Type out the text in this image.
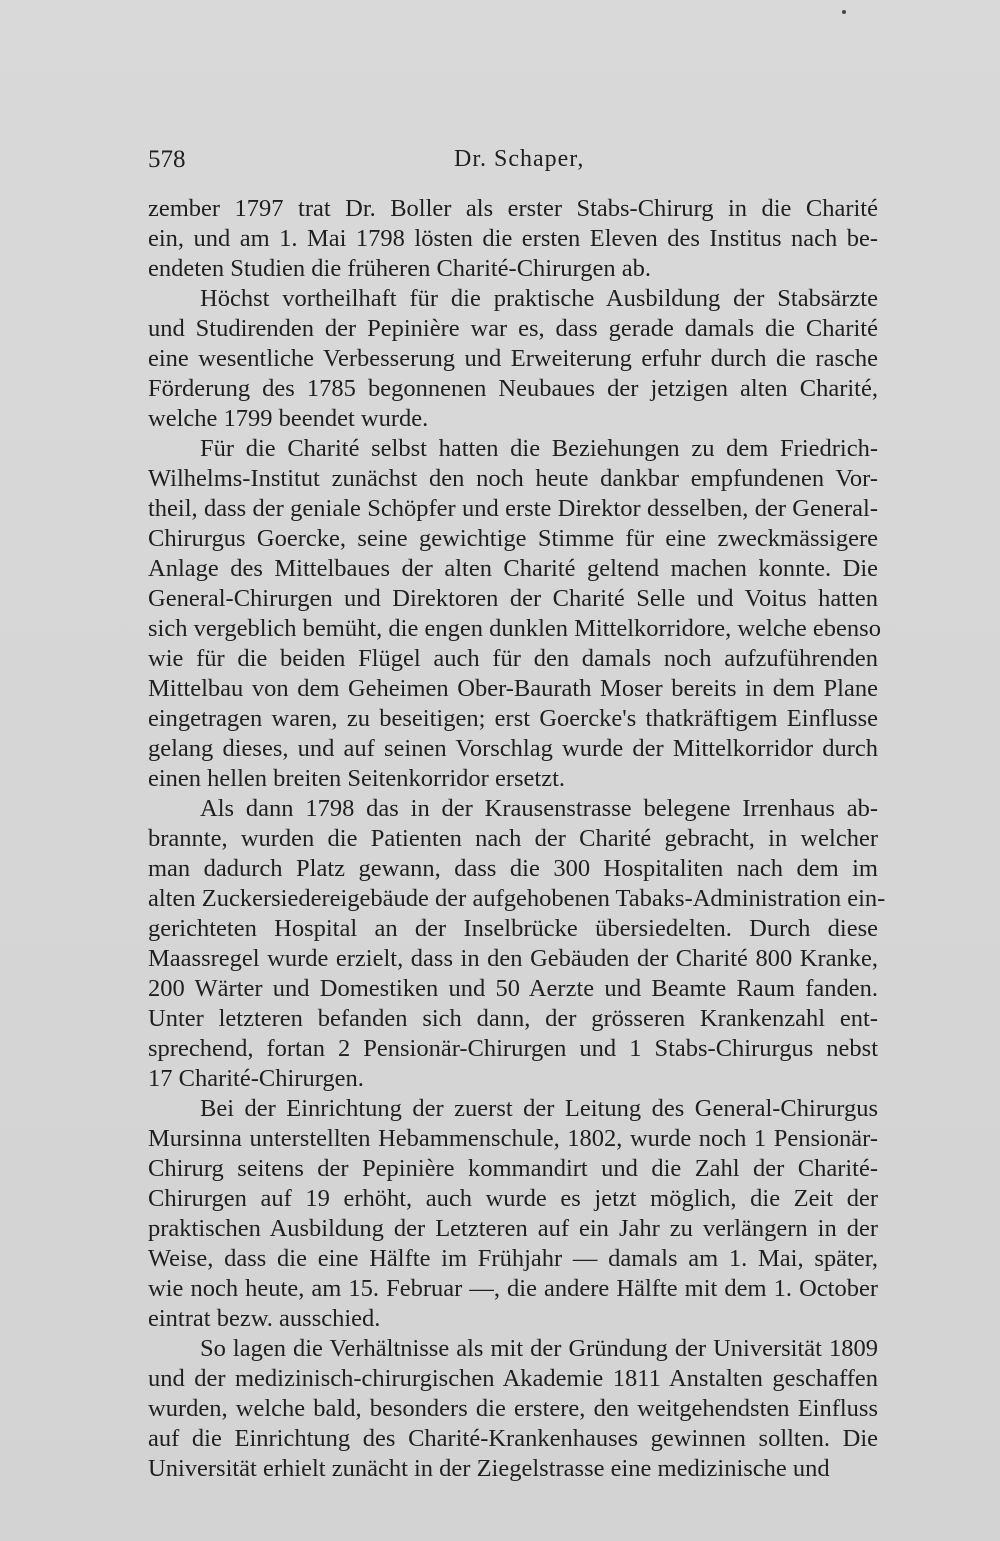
578	Dr. Schaper,

zember 1797 trat Dr. Boller als erster Stabs-Chirurg in die Charité
ein, und am 1. Mai 1798 lösten die ersten Eleven des Institus nach be-
endeten Studien die früheren Charité-Chirurgen ab.

Höchst vortheilhaft für die praktische Ausbildung der Stabsärzte
und Studirenden der Pepinière war es, dass gerade damals die Charité
eine wesentliche Verbesserung und Erweiterung erfuhr durch die rasche
Förderung des 1785 begonnenen Neubaues der jetzigen alten Charité,
welche 1799 beendet wurde.

Für die Charité selbst hatten die Beziehungen zu dem Friedrich-
Wilhelms-Institut zunächst den noch heute dankbar empfundenen Vor-
theil, dass der geniale Schöpfer und erste Direktor desselben, der General-
Chirurgus Goercke, seine gewichtige Stimme für eine zweckmässigere
Anlage des Mittelbaues der alten Charité geltend machen konnte. Die
General-Chirurgen und Direktoren der Charité Selle und Voitus hatten
sich vergeblich bemüht, die engen dunklen Mittelkorridore, welche ebenso
wie für die beiden Flügel auch für den damals noch aufzuführenden
Mittelbau von dem Geheimen Ober-Baurath Moser bereits in dem Plane
eingetragen waren, zu beseitigen; erst Goercke's thatkräftigem Einflusse
gelang dieses, und auf seinen Vorschlag wurde der Mittelkorridor durch
einen hellen breiten Seitenkorridor ersetzt.

Als dann 1798 das in der Krausenstrasse belegene Irrenhaus ab-
brannte, wurden die Patienten nach der Charité gebracht, in welcher
man dadurch Platz gewann, dass die 300 Hospitaliten nach dem im
alten Zuckersiedereigebäude der aufgehobenen Tabaks-Administration ein-
gerichteten Hospital an der Inselbrücke übersiedelten. Durch diese
Maassregel wurde erzielt, dass in den Gebäuden der Charité 800 Kranke,
200 Wärter und Domestiken und 50 Aerzte und Beamte Raum fanden.
Unter letzteren befanden sich dann, der grösseren Krankenzahl ent-
sprechend, fortan 2 Pensionär-Chirurgen und 1 Stabs-Chirurgus nebst
17 Charité-Chirurgen.

Bei der Einrichtung der zuerst der Leitung des General-Chirurgus
Mursinna unterstellten Hebammenschule, 1802, wurde noch 1 Pensionär-
Chirurg seitens der Pepinière kommandirt und die Zahl der Charité-
Chirurgen auf 19 erhöht, auch wurde es jetzt möglich, die Zeit der
praktischen Ausbildung der Letzteren auf ein Jahr zu verlängern in der
Weise, dass die eine Hälfte im Frühjahr — damals am 1. Mai, später,
wie noch heute, am 15. Februar —, die andere Hälfte mit dem 1. October
eintrat bezw. ausschied.

So lagen die Verhältnisse als mit der Gründung der Universität 1809
und der medizinisch-chirurgischen Akademie 1811 Anstalten geschaffen
wurden, welche bald, besonders die erstere, den weitgehendsten Einfluss
auf die Einrichtung des Charité-Krankenhauses gewinnen sollten. Die
Universität erhielt zunächt in der Ziegelstrasse eine medizinische und
